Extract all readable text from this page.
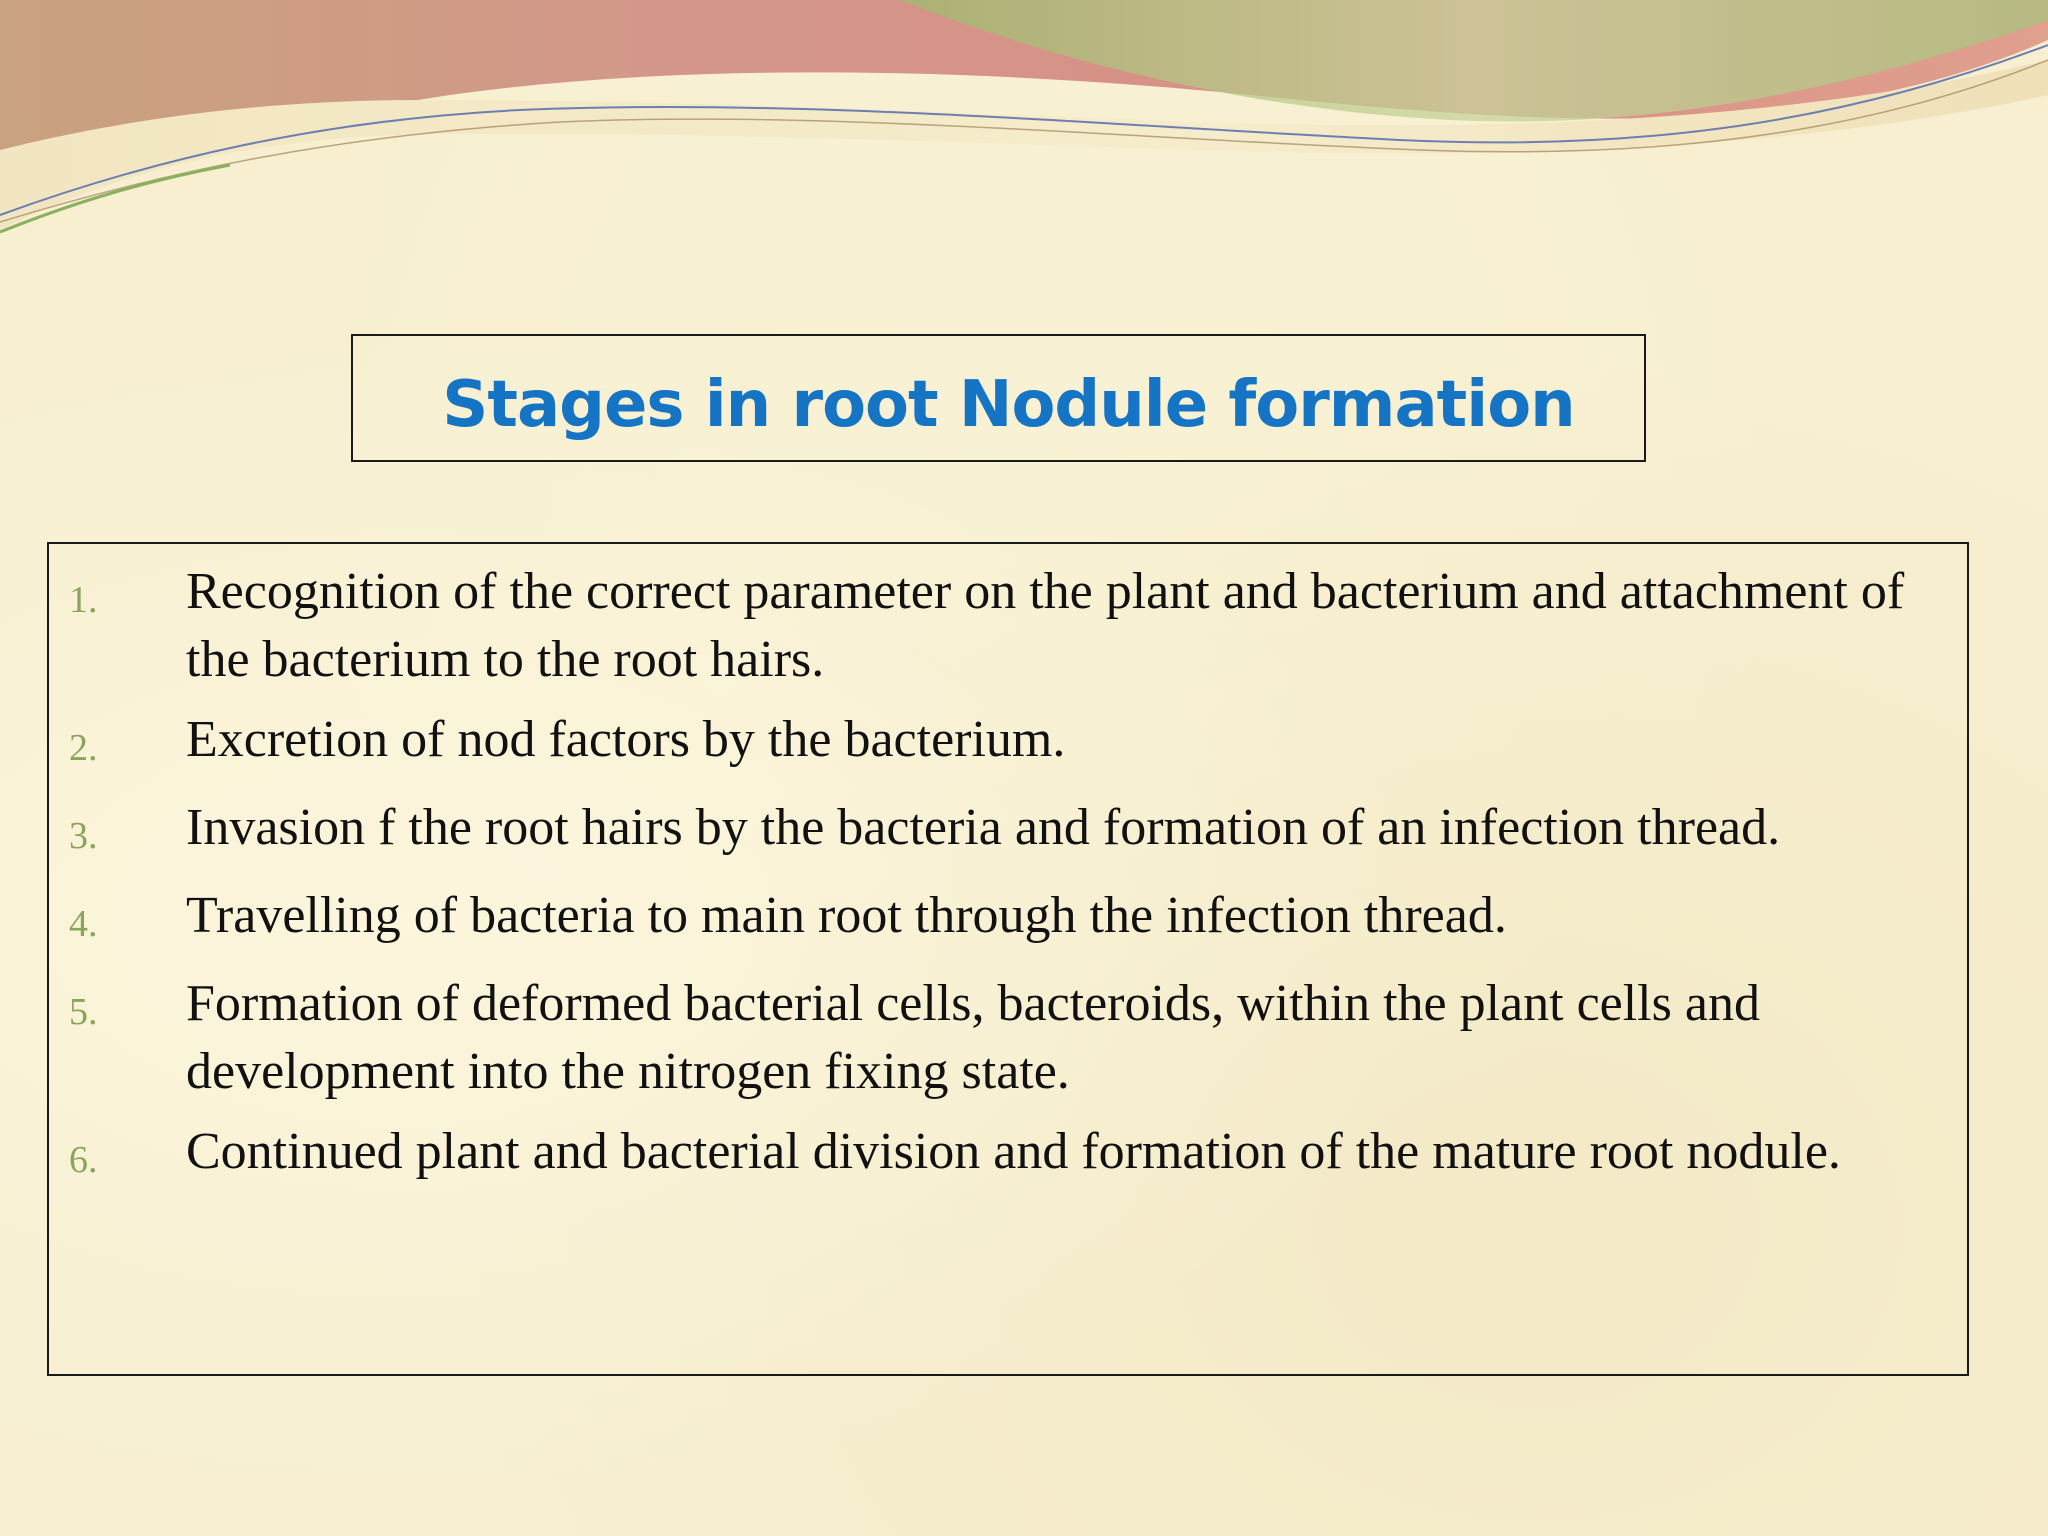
Stages in root Nodule formation
1.	Recognition of the correct parameter on the plant and bacterium and attachment of the bacterium to the root hairs.
2.	Excretion of nod factors by the bacterium.
3.	Invasion f the root hairs by the bacteria and formation of an infection thread.
4.	Travelling of bacteria to main root through the infection thread.
5.	Formation of deformed bacterial cells, bacteroids, within the plant cells and development into the nitrogen fixing state.
6.	Continued plant and bacterial division and formation of the mature root nodule.
